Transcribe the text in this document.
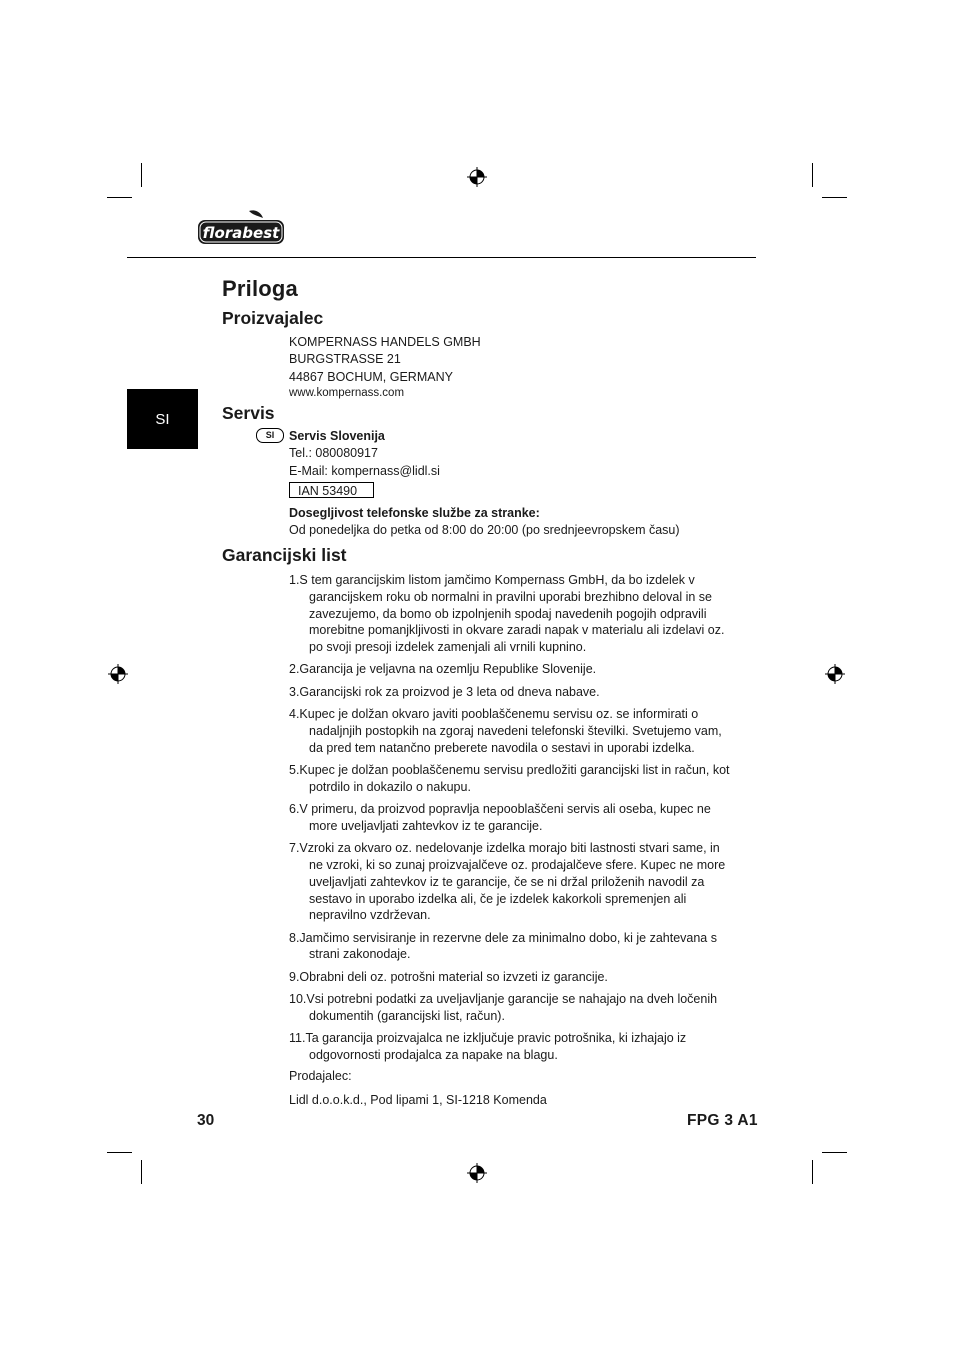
florabest
SI
Priloga
Proizvajalec
KOMPERNASS HANDELS GMBH
BURGSTRASSE 21
44867 BOCHUM, GERMANY
www.kompernass.com
Servis
SI	Servis Slovenija
Tel.: 080080917
E-Mail: kompernass@lidl.si
IAN 53490
Dosegljivost telefonske službe za stranke:
Od ponedeljka do petka od 8:00 do 20:00 (po srednjeevropskem času)
Garancijski list
1.S tem garancijskim listom jamčimo Kompernass GmbH, da bo izdelek v garancijskem roku ob normalni in pravilni uporabi brezhibno deloval in se zavezujemo, da bomo ob izpolnjenih spodaj navedenih pogojih odpravili morebitne pomanjkljivosti in okvare zaradi napak v materialu ali izdelavi oz. po svoji presoji izdelek zamenjali ali vrnili kupnino.
2.Garancija je veljavna na ozemlju Republike Slovenije.
3.Garancijski rok za proizvod je 3 leta od dneva nabave.
4.Kupec je dolžan okvaro javiti pooblaščenemu servisu oz. se informirati o nadaljnjih postopkih na zgoraj navedeni telefonski številki. Svetujemo vam, da pred tem natančno preberete navodila o sestavi in uporabi izdelka.
5.Kupec je dolžan pooblaščenemu servisu predložiti garancijski list in račun, kot potrdilo in dokazilo o nakupu.
6.V primeru, da proizvod popravlja nepooblaščeni servis ali oseba, kupec ne more uveljavljati zahtevkov iz te garancije.
7.Vzroki za okvaro oz. nedelovanje izdelka morajo biti lastnosti stvari same, in ne vzroki, ki so zunaj proizvajalčeve oz. prodajalčeve sfere. Kupec ne more uveljavljati zahtevkov iz te garancije, če se ni držal priloženih navodil za sestavo in uporabo izdelka ali, če je izdelek kakorkoli spremenjen ali nepravilno vzdrževan.
8.Jamčimo servisiranje in rezervne dele za minimalno dobo, ki je zahtevana s strani zakonodaje.
9.Obrabni deli oz. potrošni material so izvzeti iz garancije.
10.Vsi potrebni podatki za uveljavljanje garancije se nahajajo na dveh ločenih dokumentih (garancijski list, račun).
11.Ta garancija proizvajalca ne izključuje pravic potrošnika, ki izhajajo iz odgovornosti prodajalca za napake na blagu.
Prodajalec:
Lidl d.o.o.k.d., Pod lipami 1, SI-1218 Komenda
30	FPG 3 A1
